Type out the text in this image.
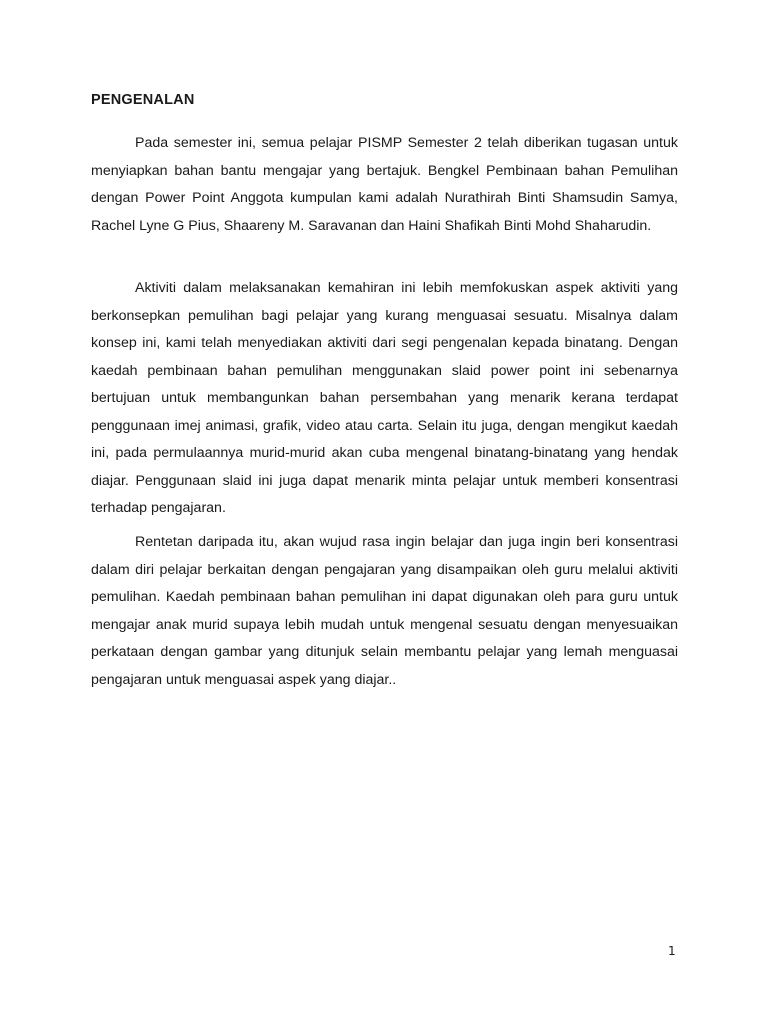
PENGENALAN

Pada semester ini, semua pelajar PISMP Semester 2 telah diberikan tugasan untuk menyiapkan bahan bantu mengajar yang bertajuk. Bengkel Pembinaan bahan Pemulihan dengan Power Point Anggota kumpulan kami adalah Nurathirah Binti Shamsudin Samya, Rachel Lyne G Pius, Shaareny M. Saravanan dan Haini Shafikah Binti Mohd Shaharudin.

Aktiviti dalam melaksanakan kemahiran ini lebih memfokuskan aspek aktiviti yang berkonsepkan pemulihan bagi pelajar yang kurang menguasai sesuatu. Misalnya dalam konsep ini, kami telah menyediakan aktiviti dari segi pengenalan kepada binatang. Dengan kaedah pembinaan bahan pemulihan menggunakan slaid power point ini sebenarnya bertujuan untuk membangunkan bahan persembahan yang menarik kerana terdapat penggunaan imej animasi, grafik, video atau carta. Selain itu juga, dengan mengikut kaedah ini, pada permulaannya murid-murid akan cuba mengenal binatang-binatang yang hendak diajar. Penggunaan slaid ini juga dapat menarik minta pelajar untuk memberi konsentrasi terhadap pengajaran.

Rentetan daripada itu, akan wujud rasa ingin belajar dan juga ingin beri konsentrasi dalam diri pelajar berkaitan dengan pengajaran yang disampaikan oleh guru melalui aktiviti pemulihan. Kaedah pembinaan bahan pemulihan ini dapat digunakan oleh para guru untuk mengajar anak murid supaya lebih mudah untuk mengenal sesuatu dengan menyesuaikan perkataan dengan gambar yang ditunjuk selain membantu pelajar yang lemah menguasai pengajaran untuk menguasai aspek yang diajar..

1
